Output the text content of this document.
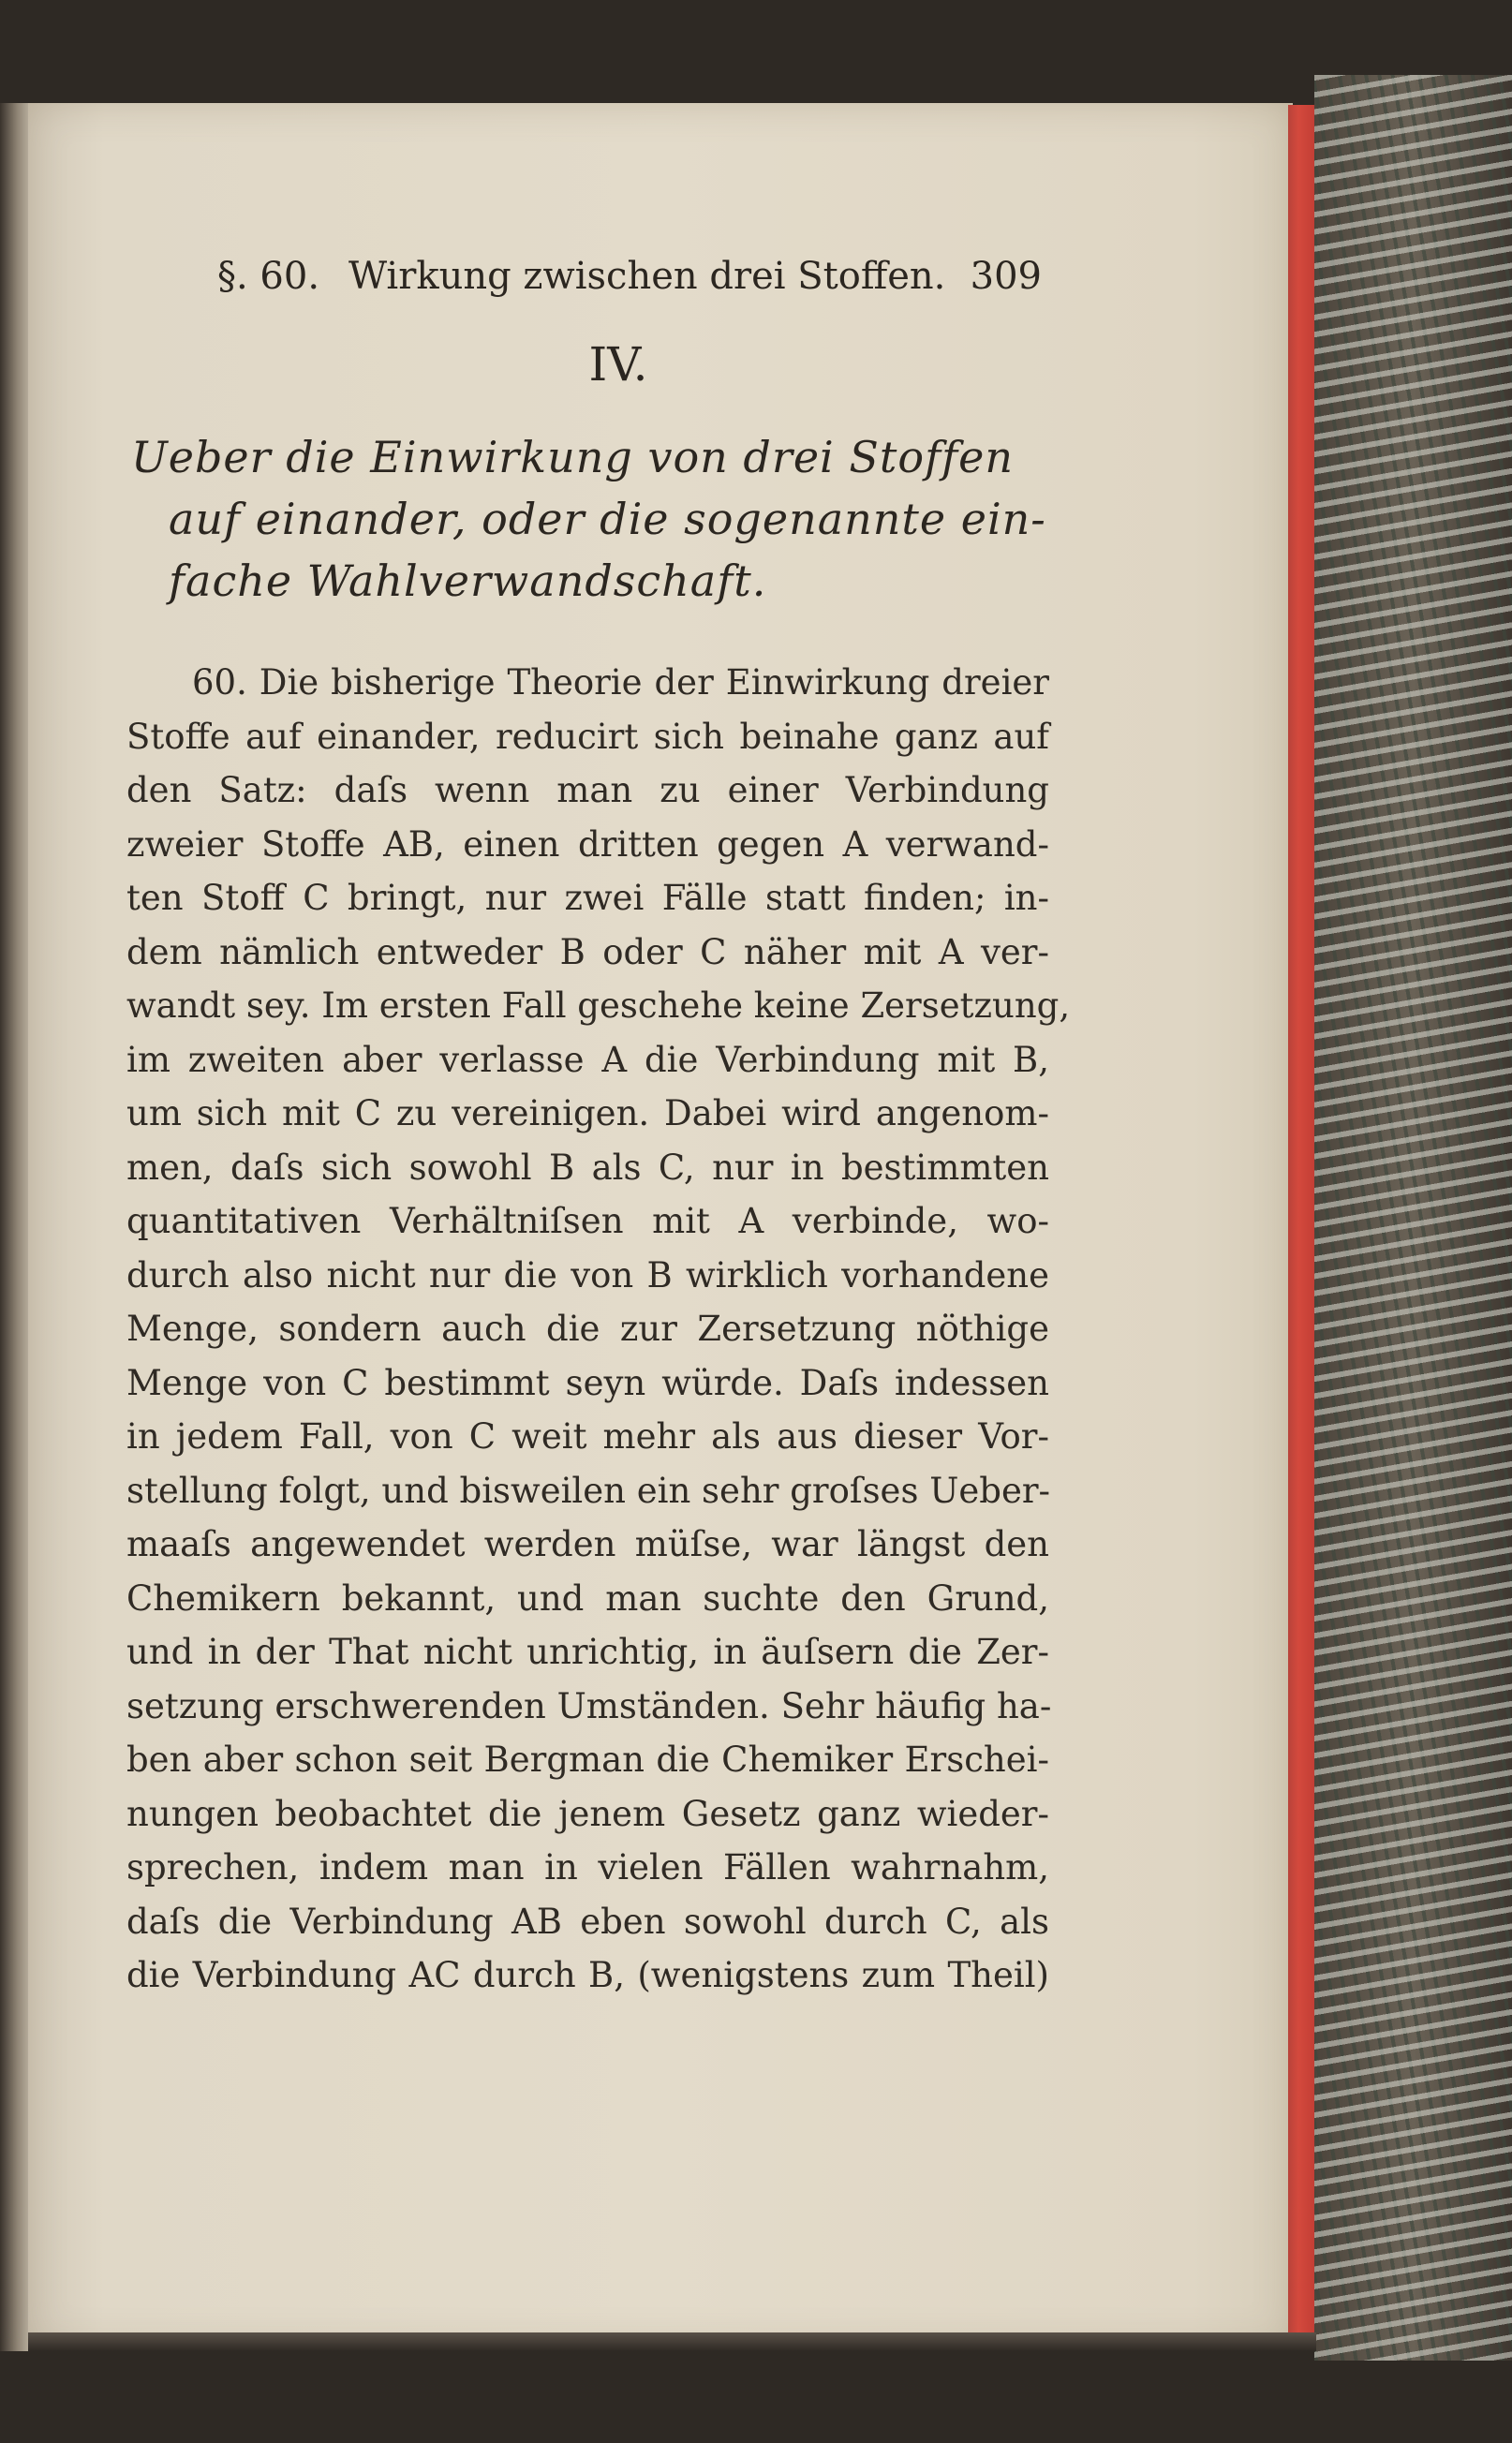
§. 60. Wirkung zwischen drei Stoffen. 309
IV.
Ueber die Einwirkung von drei Stoffen
auf einander, oder die sogenannte ein-
fache Wahlverwandschaft.
60. Die bisherige Theorie der Einwirkung dreier
Stoffe auf einander, reducirt sich beinahe ganz auf
den Satz: daſs wenn man zu einer Verbindung
zweier Stoffe AB, einen dritten gegen A verwand-
ten Stoff C bringt, nur zwei Fälle statt finden; in-
dem nämlich entweder B oder C näher mit A ver-
wandt sey. Im ersten Fall geschehe keine Zersetzung,
im zweiten aber verlasse A die Verbindung mit B,
um sich mit C zu vereinigen. Dabei wird angenom-
men, daſs sich sowohl B als C, nur in bestimmten
quantitativen Verhältniſsen mit A verbinde, wo-
durch also nicht nur die von B wirklich vorhandene
Menge, sondern auch die zur Zersetzung nöthige
Menge von C bestimmt seyn würde. Daſs indessen
in jedem Fall, von C weit mehr als aus dieser Vor-
stellung folgt, und bisweilen ein sehr groſses Ueber-
maaſs angewendet werden müſse, war längst den
Chemikern bekannt, und man suchte den Grund,
und in der That nicht unrichtig, in äuſsern die Zer-
setzung erschwerenden Umständen. Sehr häufig ha-
ben aber schon seit Bergman die Chemiker Erschei-
nungen beobachtet die jenem Gesetz ganz wieder-
sprechen, indem man in vielen Fällen wahrnahm,
daſs die Verbindung AB eben sowohl durch C, als
die Verbindung AC durch B, (wenigstens zum Theil)
